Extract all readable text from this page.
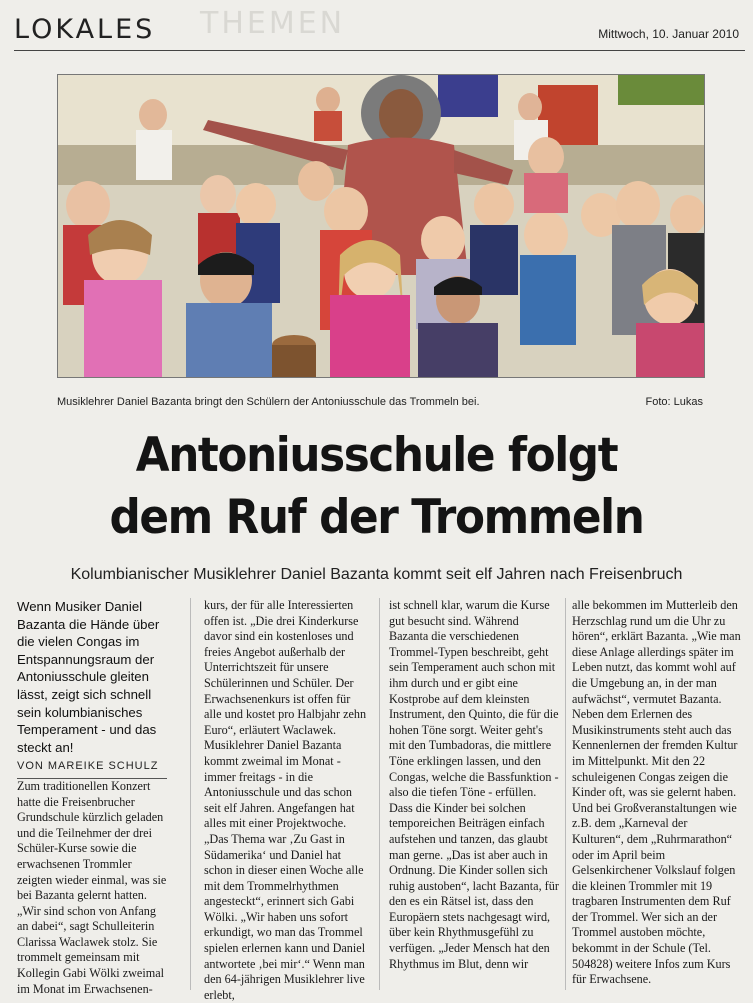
THEMEN
LOKALES	Mittwoch, 10. Januar 2010
Musiklehrer Daniel Bazanta bringt den Schülern der Antoniusschule das Trommeln bei.	Foto: Lukas
Antoniusschule folgt
dem Ruf der Trommeln
Kolumbianischer Musiklehrer Daniel Bazanta kommt seit elf Jahren nach Freisenbruch

Wenn Musiker Daniel Bazanta die Hände über die vielen Congas im Entspannungsraum der Antoniusschule gleiten lässt, zeigt sich schnell sein kolumbianisches Temperament - und das steckt an!

VON MAREIKE SCHULZ

Zum traditionellen Konzert hatte die Freisenbrucher Grundschule kürzlich geladen und die Teilnehmer der drei Schüler-Kurse sowie die erwachsenen Trommler zeigten wieder einmal, was sie bei Bazanta gelernt hatten. „Wir sind schon von Anfang an dabei“, sagt Schulleiterin Clarissa Waclawek stolz. Sie trommelt gemeinsam mit Kollegin Gabi Wölki zweimal im Monat im Erwachsenen-

kurs, der für alle Interessierten offen ist. „Die drei Kinderkurse davor sind ein kostenloses und freies Angebot außerhalb der Unterrichtszeit für unsere Schülerinnen und Schüler. Der Erwachsenenkurs ist offen für alle und kostet pro Halbjahr zehn Euro“, erläutert Waclawek. Musiklehrer Daniel Bazanta kommt zweimal im Monat - immer freitags - in die Antoniusschule und das schon seit elf Jahren. Angefangen hat alles mit einer Projektwoche. „Das Thema war ‚Zu Gast in Südamerika‘ und Daniel hat schon in dieser einen Woche alle mit dem Trommelrhythmen angesteckt“, erinnert sich Gabi Wölki. „Wir haben uns sofort erkundigt, wo man das Trommel spielen erlernen kann und Daniel antwortete ‚bei mir‘.“ Wenn man den 64-jährigen Musiklehrer live erlebt,

ist schnell klar, warum die Kurse gut besucht sind. Während Bazanta die verschiedenen Trommel-Typen beschreibt, geht sein Temperament auch schon mit ihm durch und er gibt eine Kostprobe auf dem kleinsten Instrument, den Quinto, die für die hohen Töne sorgt. Weiter geht's mit den Tumbadoras, die mittlere Töne erklingen lassen, und den Congas, welche die Bassfunktion - also die tiefen Töne - erfüllen. Dass die Kinder bei solchen temporeichen Beiträgen einfach aufstehen und tanzen, das glaubt man gerne. „Das ist aber auch in Ordnung. Die Kinder sollen sich ruhig austoben“, lacht Bazanta, für den es ein Rätsel ist, dass den Europäern stets nachgesagt wird, über kein Rhythmusgefühl zu verfügen. „Jeder Mensch hat den Rhythmus im Blut, denn wir

alle bekommen im Mutterleib den Herzschlag rund um die Uhr zu hören“, erklärt Bazanta. „Wie man diese Anlage allerdings später im Leben nutzt, das kommt wohl auf die Umgebung an, in der man aufwächst“, vermutet Bazanta. Neben dem Erlernen des Musikinstruments steht auch das Kennenlernen der fremden Kultur im Mittelpunkt. Mit den 22 schuleigenen Congas zeigen die Kinder oft, was sie gelernt haben. Und bei Großveranstaltungen wie z.B. dem „Karneval der Kulturen“, dem „Ruhrmarathon“ oder im April beim Gelsenkirchener Volkslauf folgen die kleinen Trommler mit 19 tragbaren Instrumenten dem Ruf der Trommel. Wer sich an der Trommel austoben möchte, bekommt in der Schule (Tel. 504828) weitere Infos zum Kurs für Erwachsene.
